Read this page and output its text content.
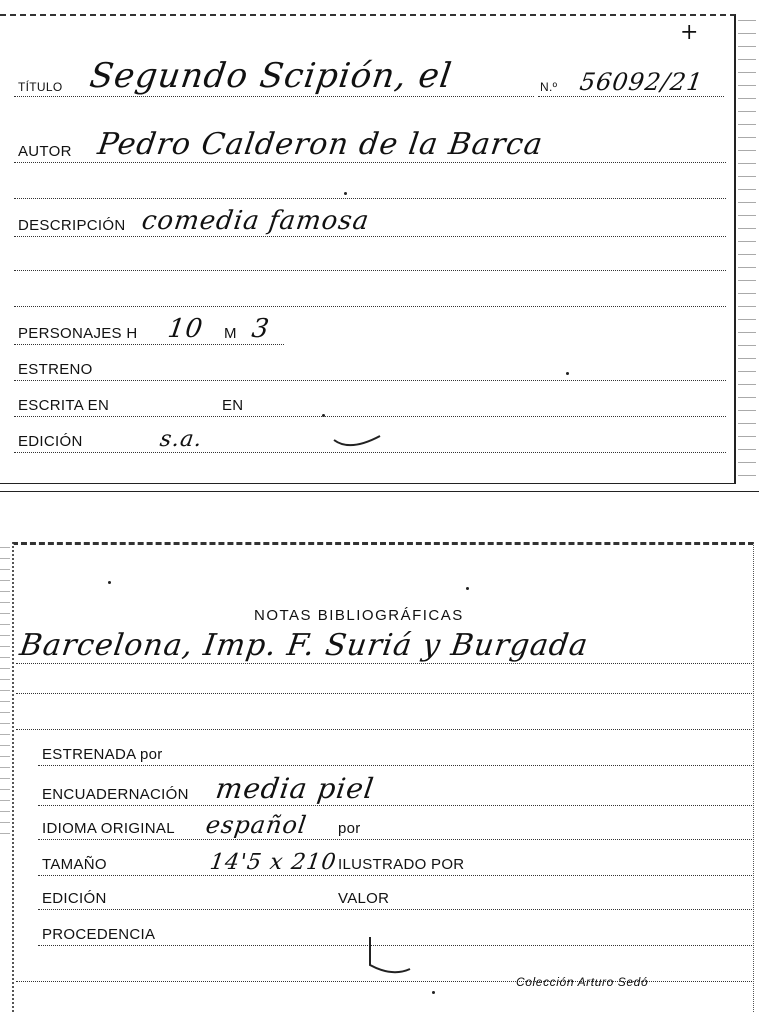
+
TÍTULO Segundo Scipión, el	N.º 56092/21
AUTOR Pedro Calderon de la Barca
DESCRIPCIÓN comedia famosa
PERSONAJES H 10 M 3
ESTRENO
ESCRITA EN	EN
EDICIÓN	s.a.
NOTAS BIBLIOGRÁFICAS
Barcelona, Imp. F. Suriá y Burgada
ESTRENADA por
ENCUADERNACIÓN media piel
IDIOMA ORIGINAL español por
TAMAÑO	14'5 x 210 ILUSTRADO POR
EDICIÓN	VALOR
PROCEDENCIA
Colección Arturo Sedó
